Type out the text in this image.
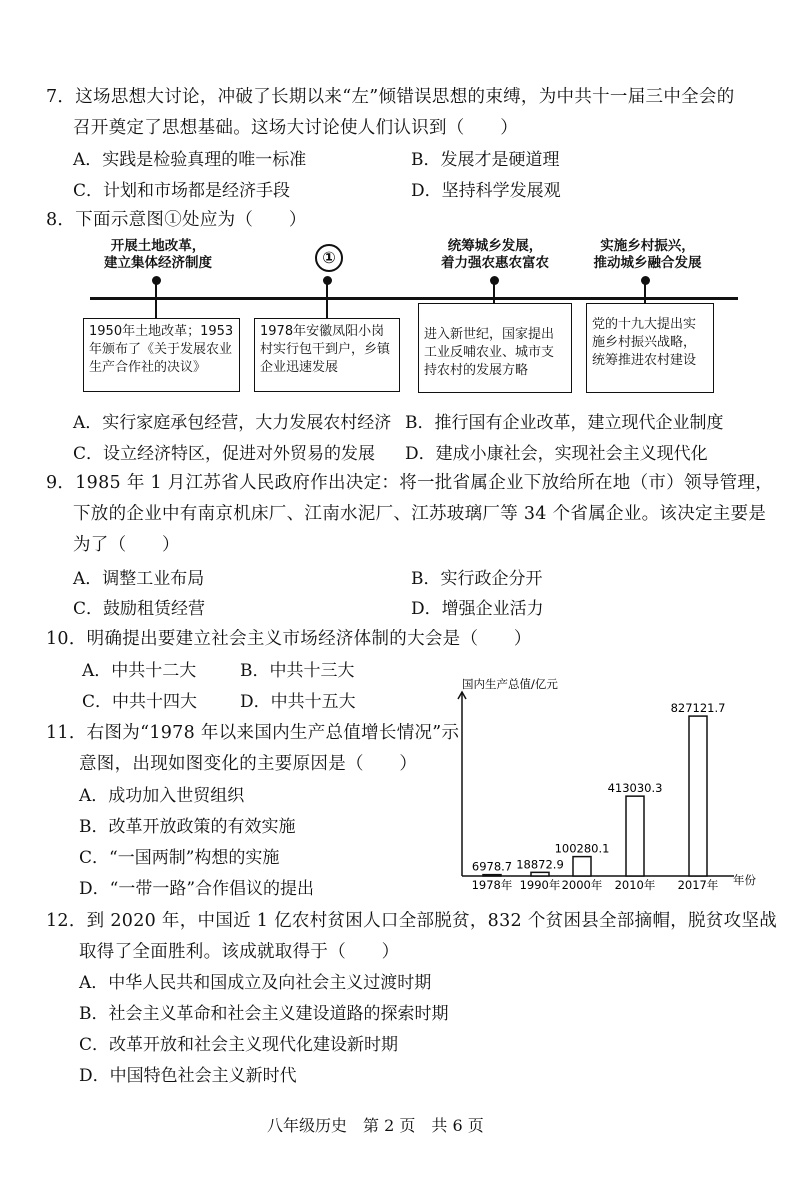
7．这场思想大讨论，冲破了长期以来“左”倾错误思想的束缚，为中共十一届三中全会的
召开奠定了思想基础。这场大讨论使人们认识到（　　）
A．实践是检验真理的唯一标准	B．发展才是硬道理
C．计划和市场都是经济手段	D．坚持科学发展观
8．下面示意图①处应为（　　）
开展土地改革，
建立集体经济制度	①
统筹城乡发展，
着力强农惠农富农
实施乡村振兴，
推动城乡融合发展
1950年土地改革；1953年颁布了《关于发展农业生产合作社的决议》
1978年安徽凤阳小岗村实行包干到户，乡镇企业迅速发展
进入新世纪，国家提出工业反哺农业、城市支持农村的发展方略
党的十九大提出实施乡村振兴战略，统筹推进农村建设
A．实行家庭承包经营，大力发展农村经济 B．推行国有企业改革，建立现代企业制度
C．设立经济特区，促进对外贸易的发展 D．建成小康社会，实现社会主义现代化
9．1985 年 1 月江苏省人民政府作出决定：将一批省属企业下放给所在地（市）领导管理，
下放的企业中有南京机床厂、江南水泥厂、江苏玻璃厂等 34 个省属企业。该决定主要是
为了（　　）
A．调整工业布局	B．实行政企分开
C．鼓励租赁经营	D．增强企业活力
10．明确提出要建立社会主义市场经济体制的大会是（　　）
A．中共十二大	B．中共十三大
C．中共十四大	D．中共十五大
11．右图为“1978 年以来国内生产总值增长情况”示
意图，出现如图变化的主要原因是（　　）
A．成功加入世贸组织
B．改革开放政策的有效实施
C．“一国两制”构想的实施
D．“一带一路”合作倡议的提出
国内生产总值/亿元
年份
6978.7
1978年
18872.9
1990年
100280.1
2000年
413030.3
2010年
827121.7
2017年
12．到 2020 年，中国近 1 亿农村贫困人口全部脱贫，832 个贫困县全部摘帽，脱贫攻坚战
取得了全面胜利。该成就取得于（　　）
A．中华人民共和国成立及向社会主义过渡时期
B．社会主义革命和社会主义建设道路的探索时期
C．改革开放和社会主义现代化建设新时期
D．中国特色社会主义新时代
八年级历史　第 2 页　共 6 页
